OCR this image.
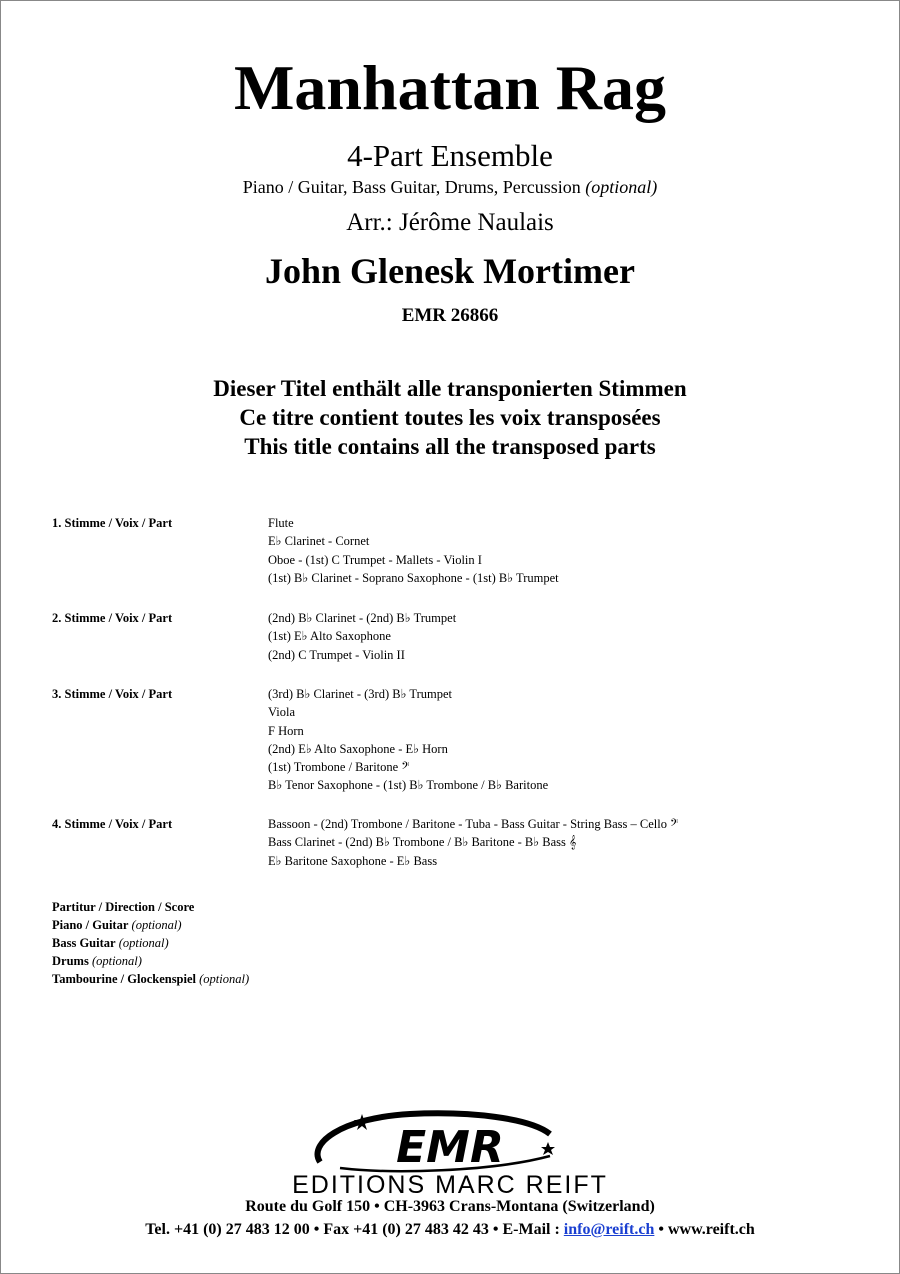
Manhattan Rag
4-Part Ensemble
Piano / Guitar, Bass Guitar, Drums, Percussion (optional)
Arr.: Jérôme Naulais
John Glenesk Mortimer
EMR 26866
Dieser Titel enthält alle transponierten Stimmen
Ce titre contient toutes les voix transposées
This title contains all the transposed parts
1. Stimme / Voix / Part	Flute
E♭ Clarinet - Cornet
Oboe - (1st) C Trumpet - Mallets - Violin I
(1st) B♭ Clarinet - Soprano Saxophone - (1st) B♭ Trumpet
2. Stimme / Voix / Part	(2nd) B♭ Clarinet - (2nd) B♭ Trumpet
(1st) E♭ Alto Saxophone
(2nd) C Trumpet - Violin II
3. Stimme / Voix / Part	(3rd) B♭ Clarinet - (3rd) B♭ Trumpet
Viola
F Horn
(2nd) E♭ Alto Saxophone - E♭ Horn
(1st) Trombone / Baritone 𝄢
B♭ Tenor Saxophone - (1st) B♭ Trombone / B♭ Baritone
4. Stimme / Voix / Part	Bassoon - (2nd) Trombone / Baritone - Tuba - Bass Guitar - String Bass – Cello 𝄢
Bass Clarinet - (2nd) B♭ Trombone / B♭ Baritone - B♭ Bass 𝄞
E♭ Baritone Saxophone - E♭ Bass
Partitur / Direction / Score
Piano / Guitar (optional)
Bass Guitar (optional)
Drums (optional)
Tambourine / Glockenspiel (optional)
EMR
EDITIONS MARC REIFT
Route du Golf 150 • CH-3963 Crans-Montana (Switzerland)
Tel. +41 (0) 27 483 12 00 • Fax +41 (0) 27 483 42 43 • E-Mail : info@reift.ch • www.reift.ch
